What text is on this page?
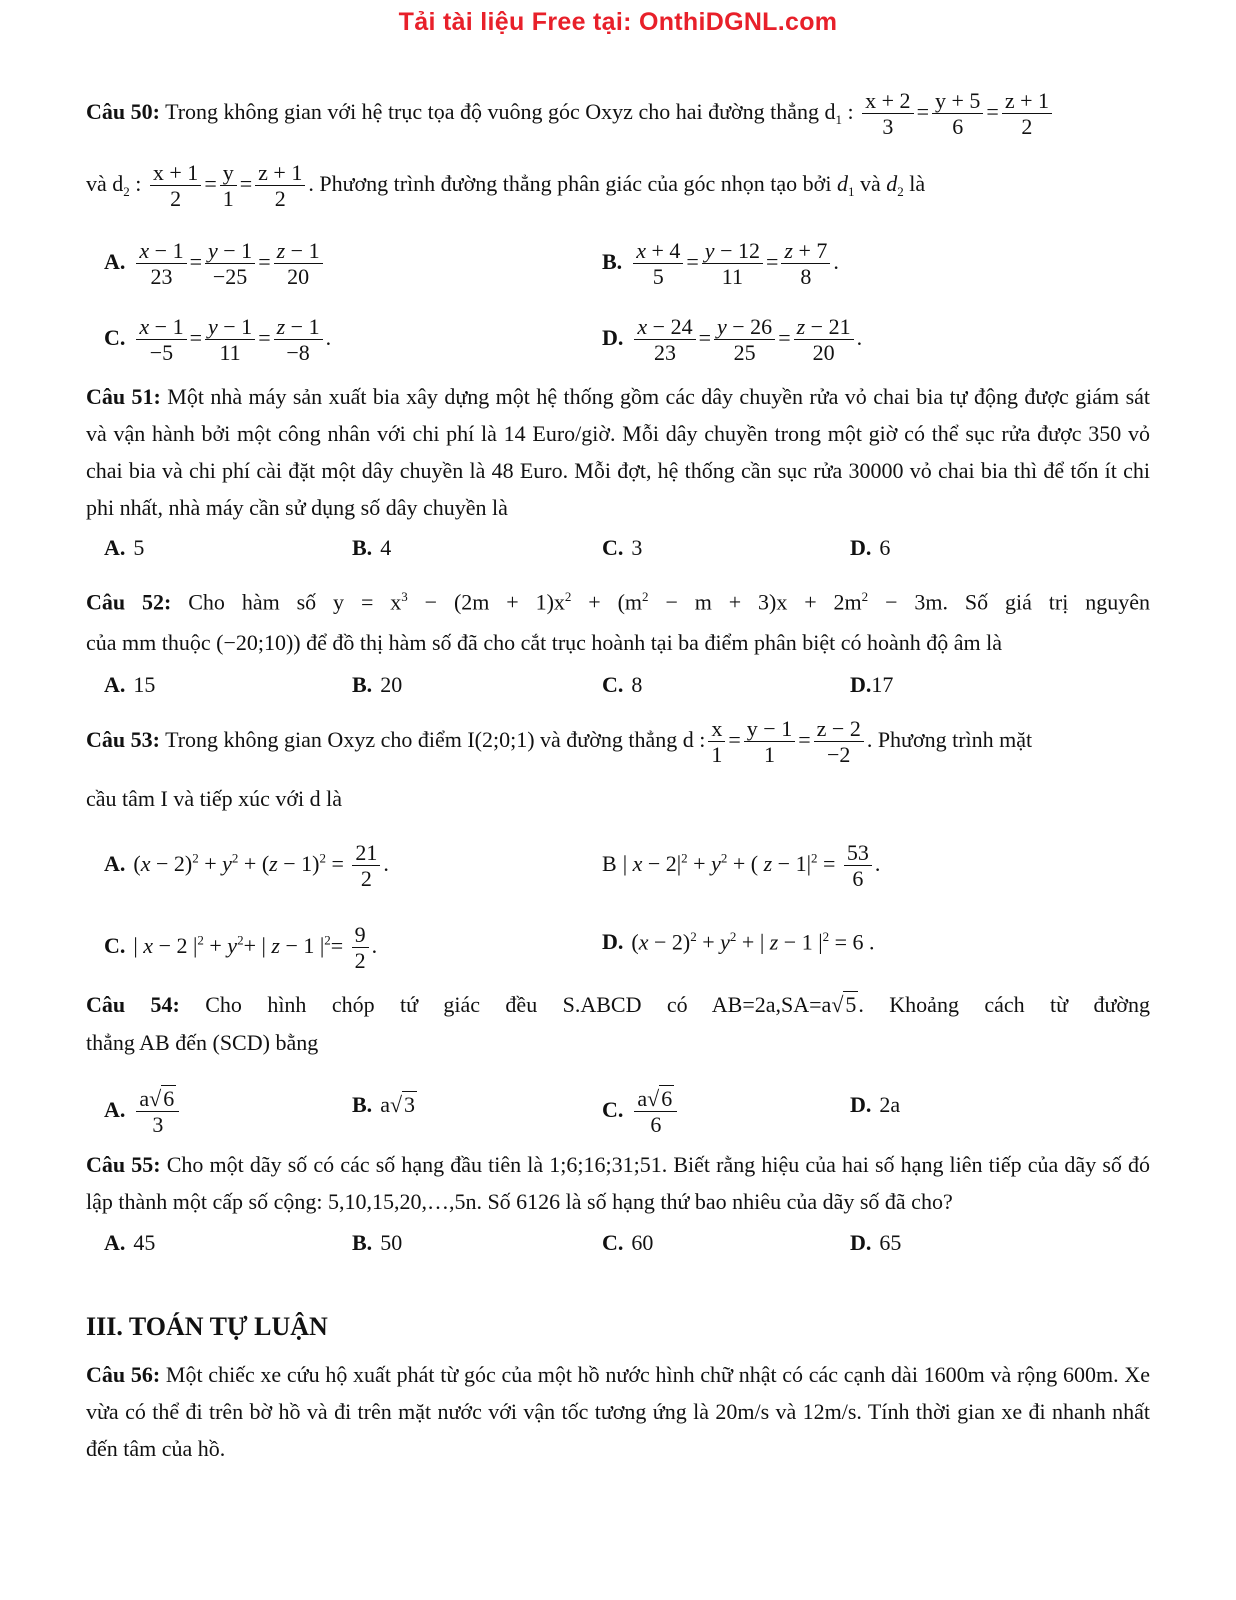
Tải tài liệu Free tại: OnthiDGNL.com
Câu 50: Trong không gian với hệ trục tọa độ vuông góc Oxyz cho hai đường thẳng $d_1$ : $\frac{x + 2}{3} = \frac{y + 5}{6} = \frac{z + 1}{2}$
và $d_2$ : $\frac{x + 1}{2} = \frac{y}{1} = \frac{z + 1}{2}$ . Phương trình đường thẳng phân giác của góc nhọn tạo bởi $d_1$ và $d_2$ là
A. $\frac{x - 1}{23} = \frac{y - 1}{-25} = \frac{z - 1}{20}$	B. $\frac{x + 4}{5} = \frac{y - 12}{11} = \frac{z + 7}{8}$ .
C. $\frac{x - 1}{-5} = \frac{y - 1}{11} = \frac{z - 1}{-8}$ .	D. $\frac{x - 24}{23} = \frac{y - 26}{25} = \frac{z - 21}{20}$ .
Câu 51: Một nhà máy sản xuất bia xây dựng một hệ thống gồm các dây chuyền rửa vỏ chai bia tự động được giám sát và vận hành bởi một công nhân với chi phí là 14 Euro/giờ. Mỗi dây chuyền trong một giờ có thể sục rửa được 350 vỏ chai bia và chi phí cài đặt một dây chuyền là 48 Euro. Mỗi đợt, hệ thống cần sục rửa 30000 vỏ chai bia thì để tốn ít chi phi nhất, nhà máy cần sử dụng số dây chuyền là
A. 5	B. 4	C. 3	D. 6
Câu 52: Cho hàm số $y = x^3 - (2m + 1)x^2 + (m^2 - m + 3)x + 2m^2 - 3m$. Số giá trị nguyên
của mm thuộc (−20;10)) để đồ thị hàm số đã cho cắt trục hoành tại ba điểm phân biệt có hoành độ âm là
A. 15	B. 20	C. 8	D.17
Câu 53: Trong không gian Oxyz cho điểm I(2;0;1) và đường thẳng d : $\frac{x}{1} = \frac{y - 1}{1} = \frac{z - 2}{-2}$ . Phương trình mặt
cầu tâm I và tiếp xúc với d là
A. $(x - 2)^2 + y^2 + (z - 1)^2 = \frac{21}{2}$ .	B | $x - 2|^2 + y^2$ + ( $z - 1|^2 = \frac{53}{6}$ .
C. | x − 2 $|^2 + y^2+$ | z − 1 $|^2= \frac{9}{2}$ .	D. $(x - 2)^2 + y^2$ + | z − 1 $|^2 = 6$ .
Câu 54: Cho hình chóp tứ giác đều S.ABCD có AB=2a,SA=a√5. Khoảng cách từ đường
thẳng AB đến (SCD) bằng
A. $\frac{a√6}{3}$	B. a√3	C. $\frac{a√6}{6}$	D. 2a
Câu 55: Cho một dãy số có các số hạng đầu tiên là 1;6;16;31;51. Biết rằng hiệu của hai số hạng liên tiếp của dãy số đó lập thành một cấp số cộng: 5,10,15,20,…,5n. Số 6126 là số hạng thứ bao nhiêu của dãy số đã cho?
A. 45	B. 50	C. 60	D. 65
III. TOÁN TỰ LUẬN
Câu 56: Một chiếc xe cứu hộ xuất phát từ góc của một hồ nước hình chữ nhật có các cạnh dài 1600m và rộng 600m. Xe vừa có thể đi trên bờ hồ và đi trên mặt nước với vận tốc tương ứng là 20m/s và 12m/s. Tính thời gian xe đi nhanh nhất đến tâm của hồ.
